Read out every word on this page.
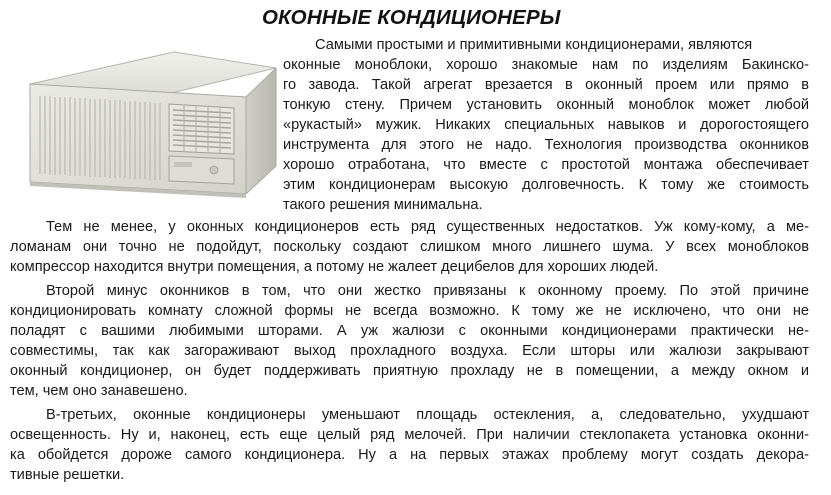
ОКОННЫЕ КОНДИЦИОНЕРЫ
Самыми простыми и примитивными кондиционерами, являются
оконные моноблоки, хорошо знакомые нам по изделиям Бакинско-
го завода. Такой агрегат врезается в оконный проем или прямо в
тонкую стену. Причем установить оконный моноблок может любой
«рукастый» мужик. Никаких специальных навыков и дорогостоящего
инструмента для этого не надо. Технология производства оконников
хорошо отработана, что вместе с простотой монтажа обеспечивает
этим кондиционерам высокую долговечность. К тому же стоимость
такого решения минимальна.
Тем не менее, у оконных кондиционеров есть ряд существенных недостатков. Уж кому-кому, а ме-
ломанам они точно не подойдут, поскольку создают слишком много лишнего шума. У всех моноблоков
компрессор находится внутри помещения, а потому не жалеет децибелов для хороших людей.
Второй минус оконников в том, что они жестко привязаны к оконному проему. По этой причине
кондиционировать комнату сложной формы не всегда возможно. К тому же не исключено, что они не
поладят с вашими любимыми шторами. А уж жалюзи с оконными кондиционерами практически не-
совместимы, так как загораживают выход прохладного воздуха. Если шторы или жалюзи закрывают
оконный кондиционер, он будет поддерживать приятную прохладу не в помещении, а между окном и
тем, чем оно занавешено.
В-третьих, оконные кондиционеры уменьшают площадь остекления, а, следовательно, ухудшают
освещенность. Ну и, наконец, есть еще целый ряд мелочей. При наличии стеклопакета установка оконни-
ка обойдется дороже самого кондиционера. Ну а на первых этажах проблему могут создать декора-
тивные решетки.
